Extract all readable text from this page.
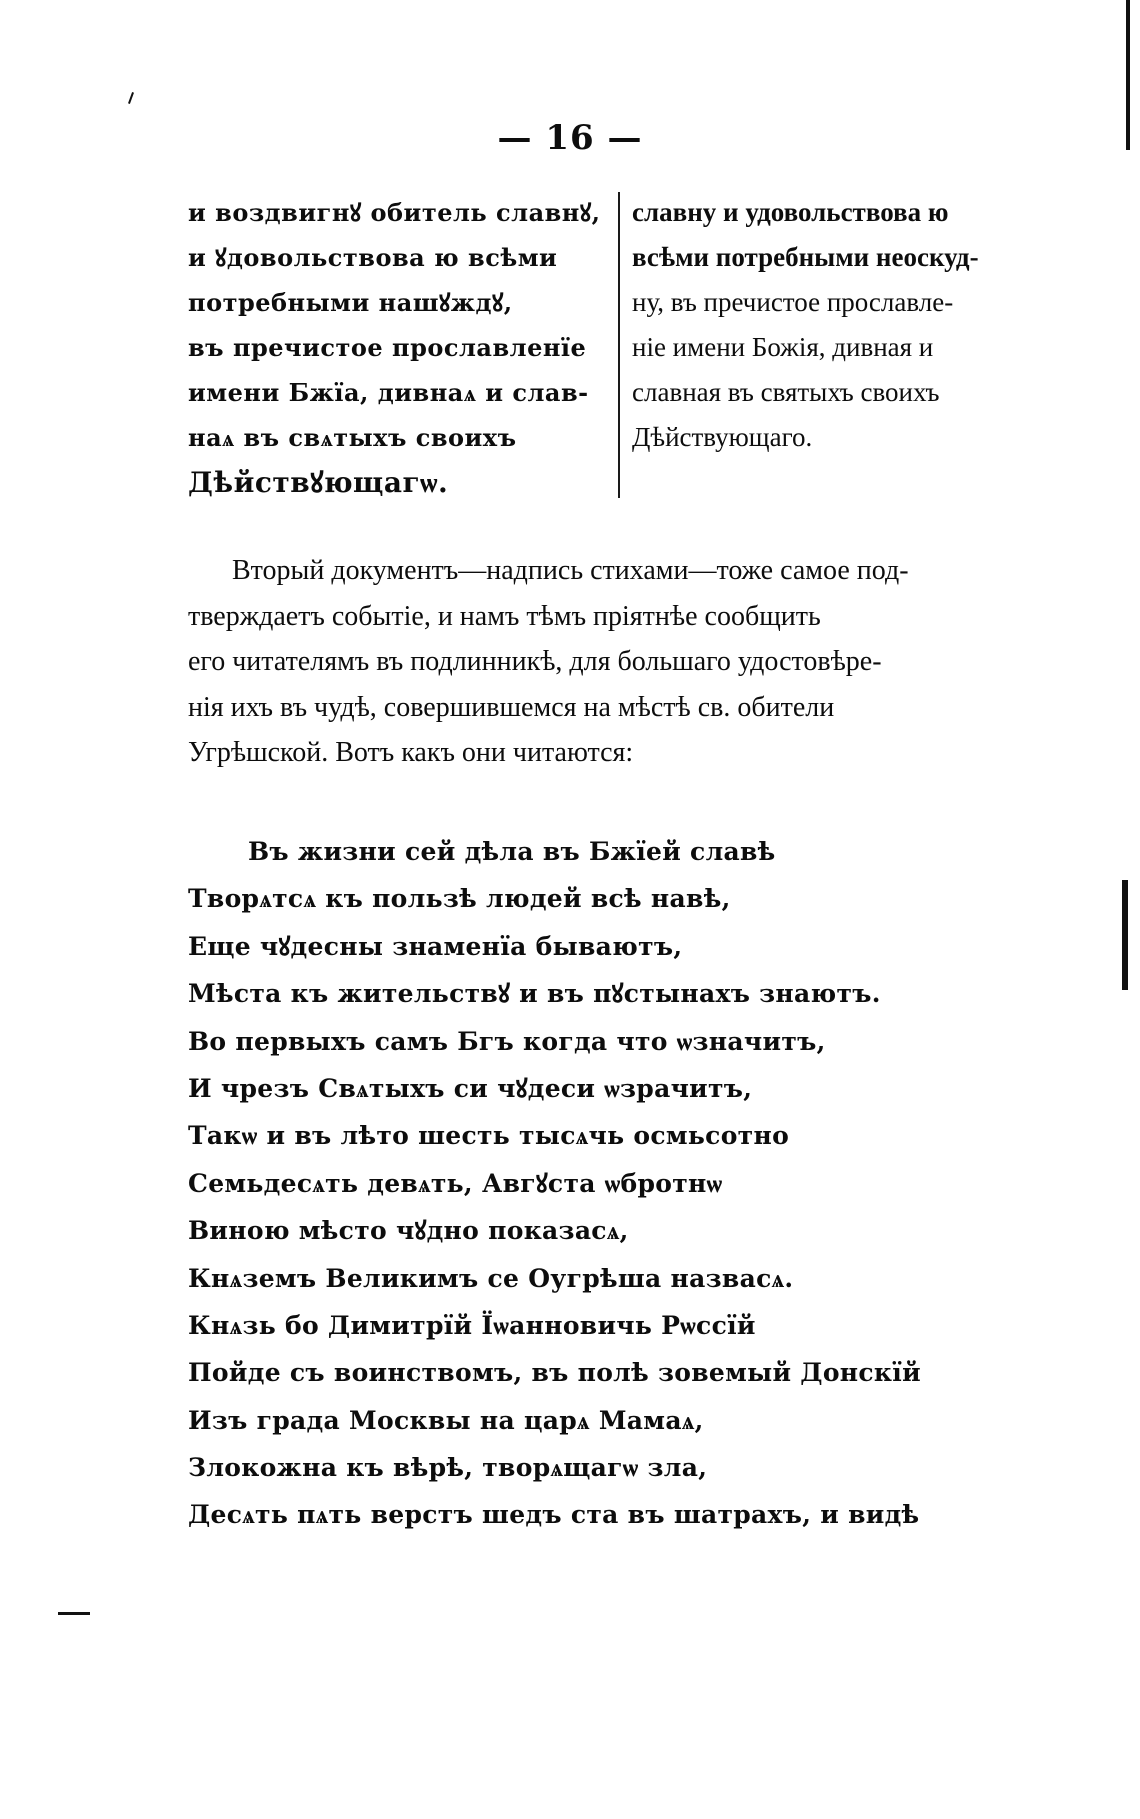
— 16 —
и воздвигнꙋ обитель славнꙋ,
и ꙋдовольствова ю всѣми
потребными нашꙋждꙋ,
въ пречистое прославленїе
имени Бжїа, дивнаѧ и слав-
наѧ въ свѧтыхъ своихъ
Дѣйствꙋющагѡ.
славну и удовольствова ю
всѣми потребными неоскуд-
ну, въ пречистое прославле-
ніе имени Божія, дивная и
славная въ святыхъ своихъ
Дѣйствующаго.
Вторый документъ—надпись стихами—тоже самое под-
тверждаетъ событіе, и намъ тѣмъ пріятнѣе сообщить
его читателямъ въ подлинникѣ, для большаго удостовѣре-
нія ихъ въ чудѣ, совершившемся на мѣстѣ св. обители
Угрѣшской. Вотъ какъ они читаются:
Въ жизни сей дѣла въ Бжїей славѣ
Творѧтсѧ къ пользѣ людей всѣ навѣ,
Еще чꙋдесны знаменїа бываютъ,
Мѣста къ жительствꙋ и въ пꙋстынахъ знаютъ.
Во первыхъ самъ Бгъ когда что ѡзначитъ,
И чрезъ Свѧтыхъ си чꙋдеси ѡзрачитъ,
Такѡ и въ лѣто шесть тысѧчь осмьсотно
Семьдесѧть девѧть, Авгꙋста ѡбротнѡ
Виною мѣсто чꙋдно показасѧ,
Кнѧземъ Великимъ се Оугрѣша назвасѧ.
Кнѧзь бо Димитрїй Їѡанновичь Рѡссїй
Пойде съ воинствомъ, въ полѣ зовемый Донскїй
Изъ града Москвы на царѧ Мамаѧ,
Злокожна къ вѣрѣ, творѧщагѡ зла,
Десѧть пѧть верстъ шедъ ста въ шатрахъ, и видѣ
